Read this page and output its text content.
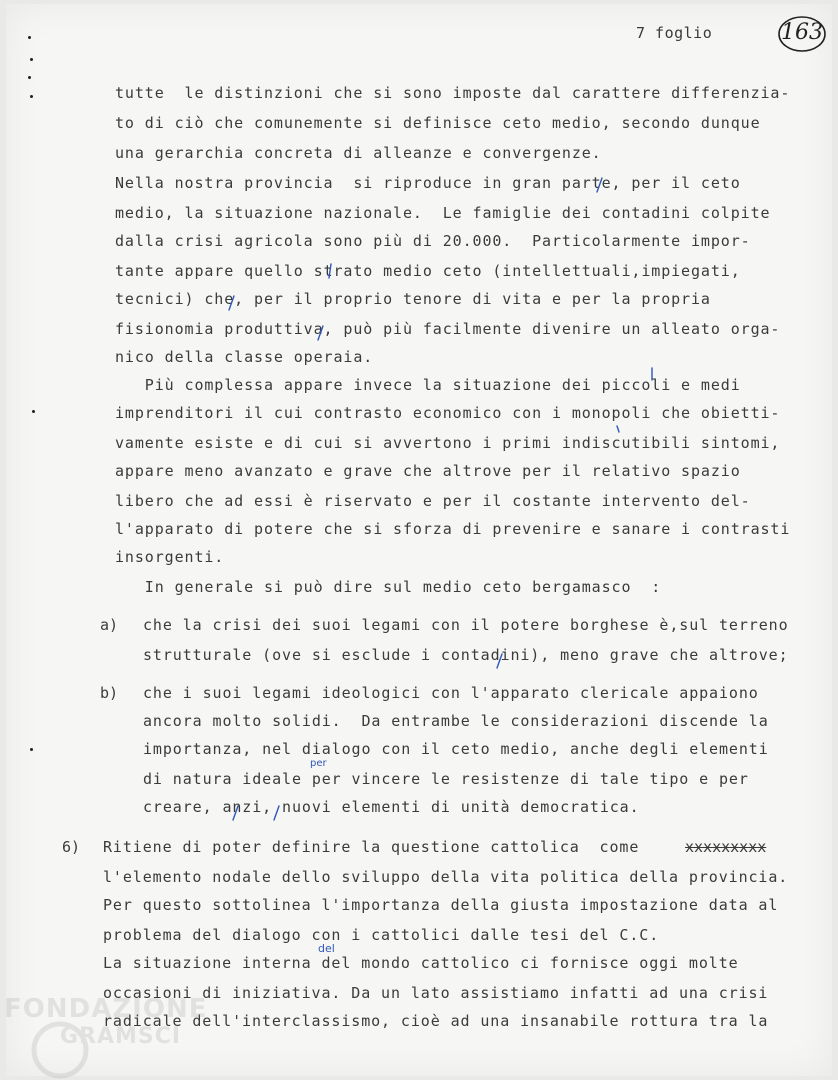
7 foglio	163
tutte  le distinzioni che si sono imposte dal carattere differenzia-
to di ciò che comunemente si definisce ceto medio, secondo dunque
una gerarchia concreta di alleanze e convergenze.
Nella nostra provincia  si riproduce in gran parte, per il ceto
medio, la situazione nazionale.  Le famiglie dei contadini colpite
dalla crisi agricola sono più di 20.000.  Particolarmente impor-
tante appare quello strato medio ceto (intellettuali,impiegati,
tecnici) che, per il proprio tenore di vita e per la propria
fisionomia produttiva, può più facilmente divenire un alleato orga-
nico della classe operaia.
Più complessa appare invece la situazione dei piccoli e medi
imprenditori il cui contrasto economico con i monopoli che obietti-
vamente esiste e di cui si avvertono i primi indiscutibili sintomi,
appare meno avanzato e grave che altrove per il relativo spazio
libero che ad essi è riservato e per il costante intervento del-
l'apparato di potere che si sforza di prevenire e sanare i contrasti
insorgenti.
In generale si può dire sul medio ceto bergamasco  :
a) che la crisi dei suoi legami con il potere borghese è,sul terreno
strutturale (ove si esclude i contadini), meno grave che altrove;
b) che i suoi legami ideologici con l'apparato clericale appaiono
ancora molto solidi.  Da entrambe le considerazioni discende la
importanza, nel dialogo con il ceto medio, anche degli elementi
di natura ideale per vincere le resistenze di tale tipo e per
creare, anzi, nuovi elementi di unità democratica.
6) Ritiene di poter definire la questione cattolica  come	xxxxxxxxx
l'elemento nodale dello sviluppo della vita politica della provincia.
Per questo sottolinea l'importanza della giusta impostazione data al
problema del dialogo con i cattolici dalle tesi del C.C.
La situazione interna del mondo cattolico ci fornisce oggi molte
occasioni di iniziativa. Da un lato assistiamo infatti ad una crisi
radicale dell'interclassismo, cioè ad una insanabile rottura tra la
per
del
FONDAZIONE
GRAMSCI
